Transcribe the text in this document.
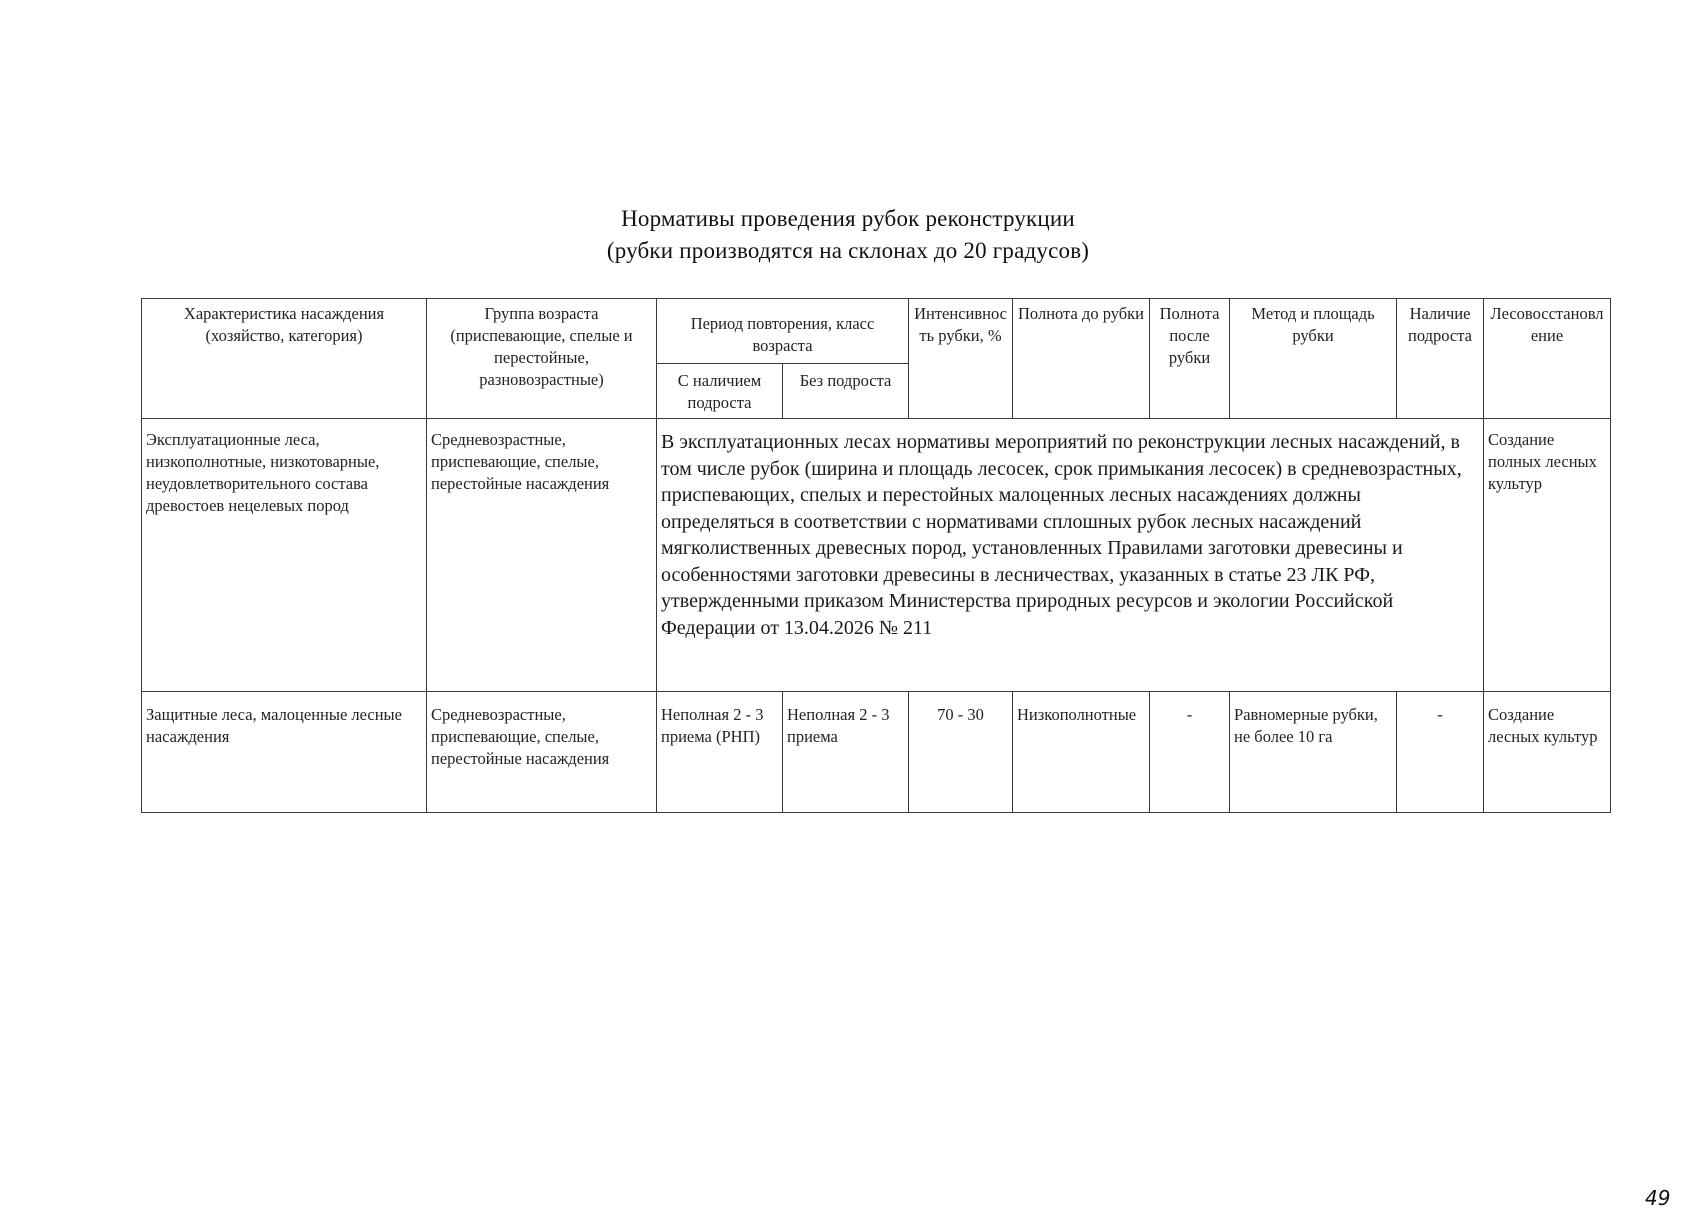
Нормативы проведения рубок реконструкции
(рубки производятся на склонах до 20 градусов)
Характеристика насаждения (хозяйство, категория)	Группа возраста (приспевающие, спелые и перестойные, разновозрастные)	Период повторения, класс возраста		Интенсивность рубки, %	Полнота до рубки	Полнота после рубки	Метод и площадь рубки	Наличие подроста	Лесовосстановление
		С наличием подроста	Без подроста						
Эксплуатационные леса, низкополнотные, низкотоварные, неудовлетворительного состава древостоев нецелевых пород	Средневозрастные, приспевающие, спелые, перестойные насаждения	В эксплуатационных лесах нормативы мероприятий по реконструкции лесных насаждений, в том числе рубок (ширина и площадь лесосек, срок примыкания лесосек) в средневозрастных, приспевающих, спелых и перестойных малоценных лесных насаждениях должны определяться в соответствии с нормативами сплошных рубок лесных насаждений мягколиственных древесных пород, установленных Правилами заготовки древесины и особенностями заготовки древесины в лесничествах, указанных в статье 23 ЛК РФ, утвержденными приказом Министерства природных ресурсов и экологии Российской Федерации от 13.04.2026 № 211							Создание полных лесных культур
Защитные леса, малоценные лесные насаждения	Средневозрастные, приспевающие, спелые, перестойные насаждения	Неполная 2 - 3 приема (РНП)	Неполная 2 - 3 приема	70 - 30	Низкополнотные	-	Равномерные рубки, не более 10 га	-	Создание лесных культур
49
